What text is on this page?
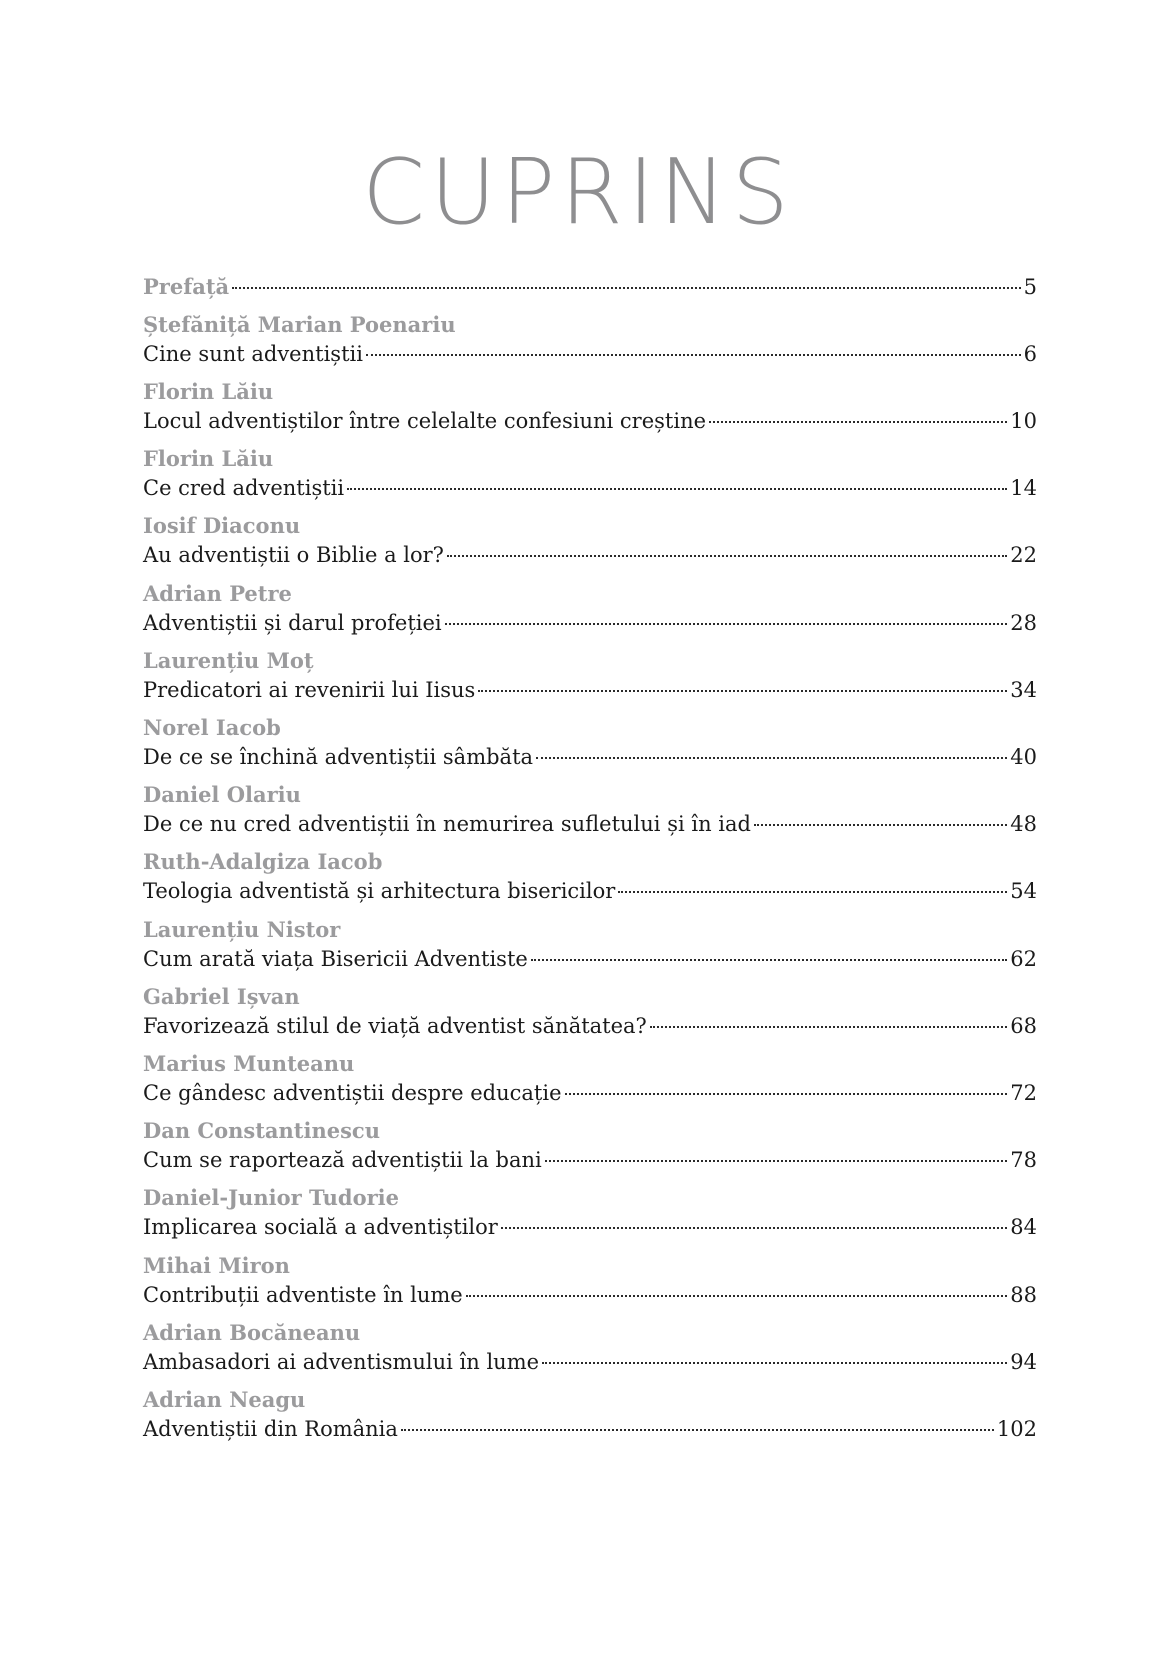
CUPRINS
Prefață	5
Ștefăniță Marian Poenariu
Cine sunt adventiștii	6
Florin Lăiu
Locul adventiștilor între celelalte confesiuni creștine	10
Florin Lăiu
Ce cred adventiștii	14
Iosif Diaconu
Au adventiștii o Biblie a lor?	22
Adrian Petre
Adventiștii și darul profeției	28
Laurențiu Moț
Predicatori ai revenirii lui Iisus	34
Norel Iacob
De ce se închină adventiștii sâmbăta	40
Daniel Olariu
De ce nu cred adventiștii în nemurirea sufletului și în iad	48
Ruth-Adalgiza Iacob
Teologia adventistă și arhitectura bisericilor	54
Laurențiu Nistor
Cum arată viața Bisericii Adventiste	62
Gabriel Ișvan
Favorizează stilul de viață adventist sănătatea?	68
Marius Munteanu
Ce gândesc adventiștii despre educație	72
Dan Constantinescu
Cum se raportează adventiștii la bani	78
Daniel-Junior Tudorie
Implicarea socială a adventiștilor	84
Mihai Miron
Contribuții adventiste în lume	88
Adrian Bocăneanu
Ambasadori ai adventismului în lume	94
Adrian Neagu
Adventiștii din România	102
